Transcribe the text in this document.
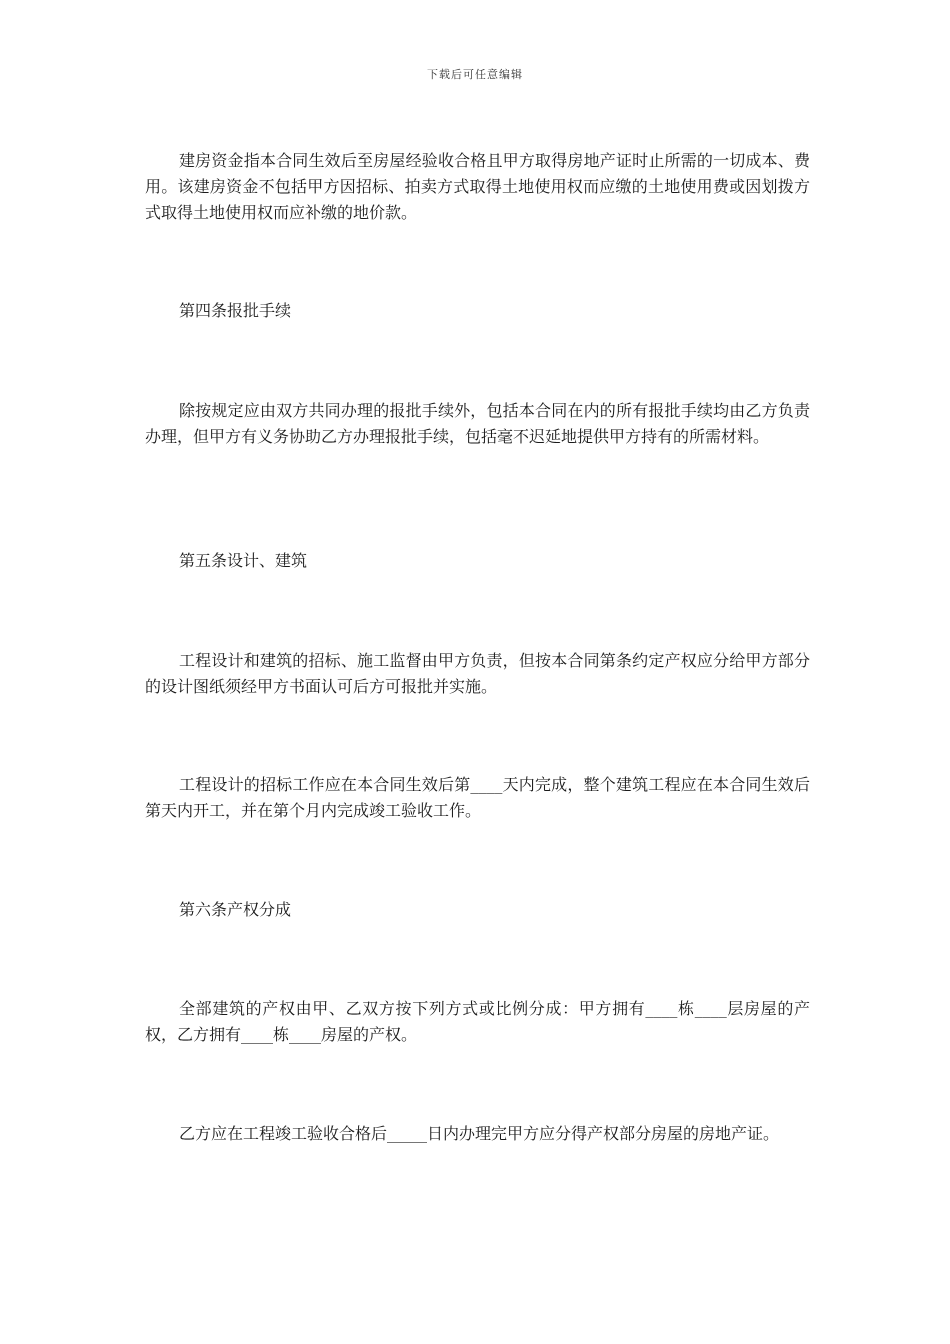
下载后可任意编辑

建房资金指本合同生效后至房屋经验收合格且甲方取得房地产证时止所需的一切成本、费用。该建房资金不包括甲方因招标、拍卖方式取得土地使用权而应缴的土地使用费或因划拨方式取得土地使用权而应补缴的地价款。

第四条报批手续

除按规定应由双方共同办理的报批手续外，包括本合同在内的所有报批手续均由乙方负责办理，但甲方有义务协助乙方办理报批手续，包括毫不迟延地提供甲方持有的所需材料。

第五条设计、建筑

工程设计和建筑的招标、施工监督由甲方负责，但按本合同第条约定产权应分给甲方部分的设计图纸须经甲方书面认可后方可报批并实施。

工程设计的招标工作应在本合同生效后第____天内完成，整个建筑工程应在本合同生效后第天内开工，并在第个月内完成竣工验收工作。

第六条产权分成

全部建筑的产权由甲、乙双方按下列方式或比例分成：甲方拥有____栋____层房屋的产权，乙方拥有____栋____房屋的产权。

乙方应在工程竣工验收合格后_____日内办理完甲方应分得产权部分房屋的房地产证。
